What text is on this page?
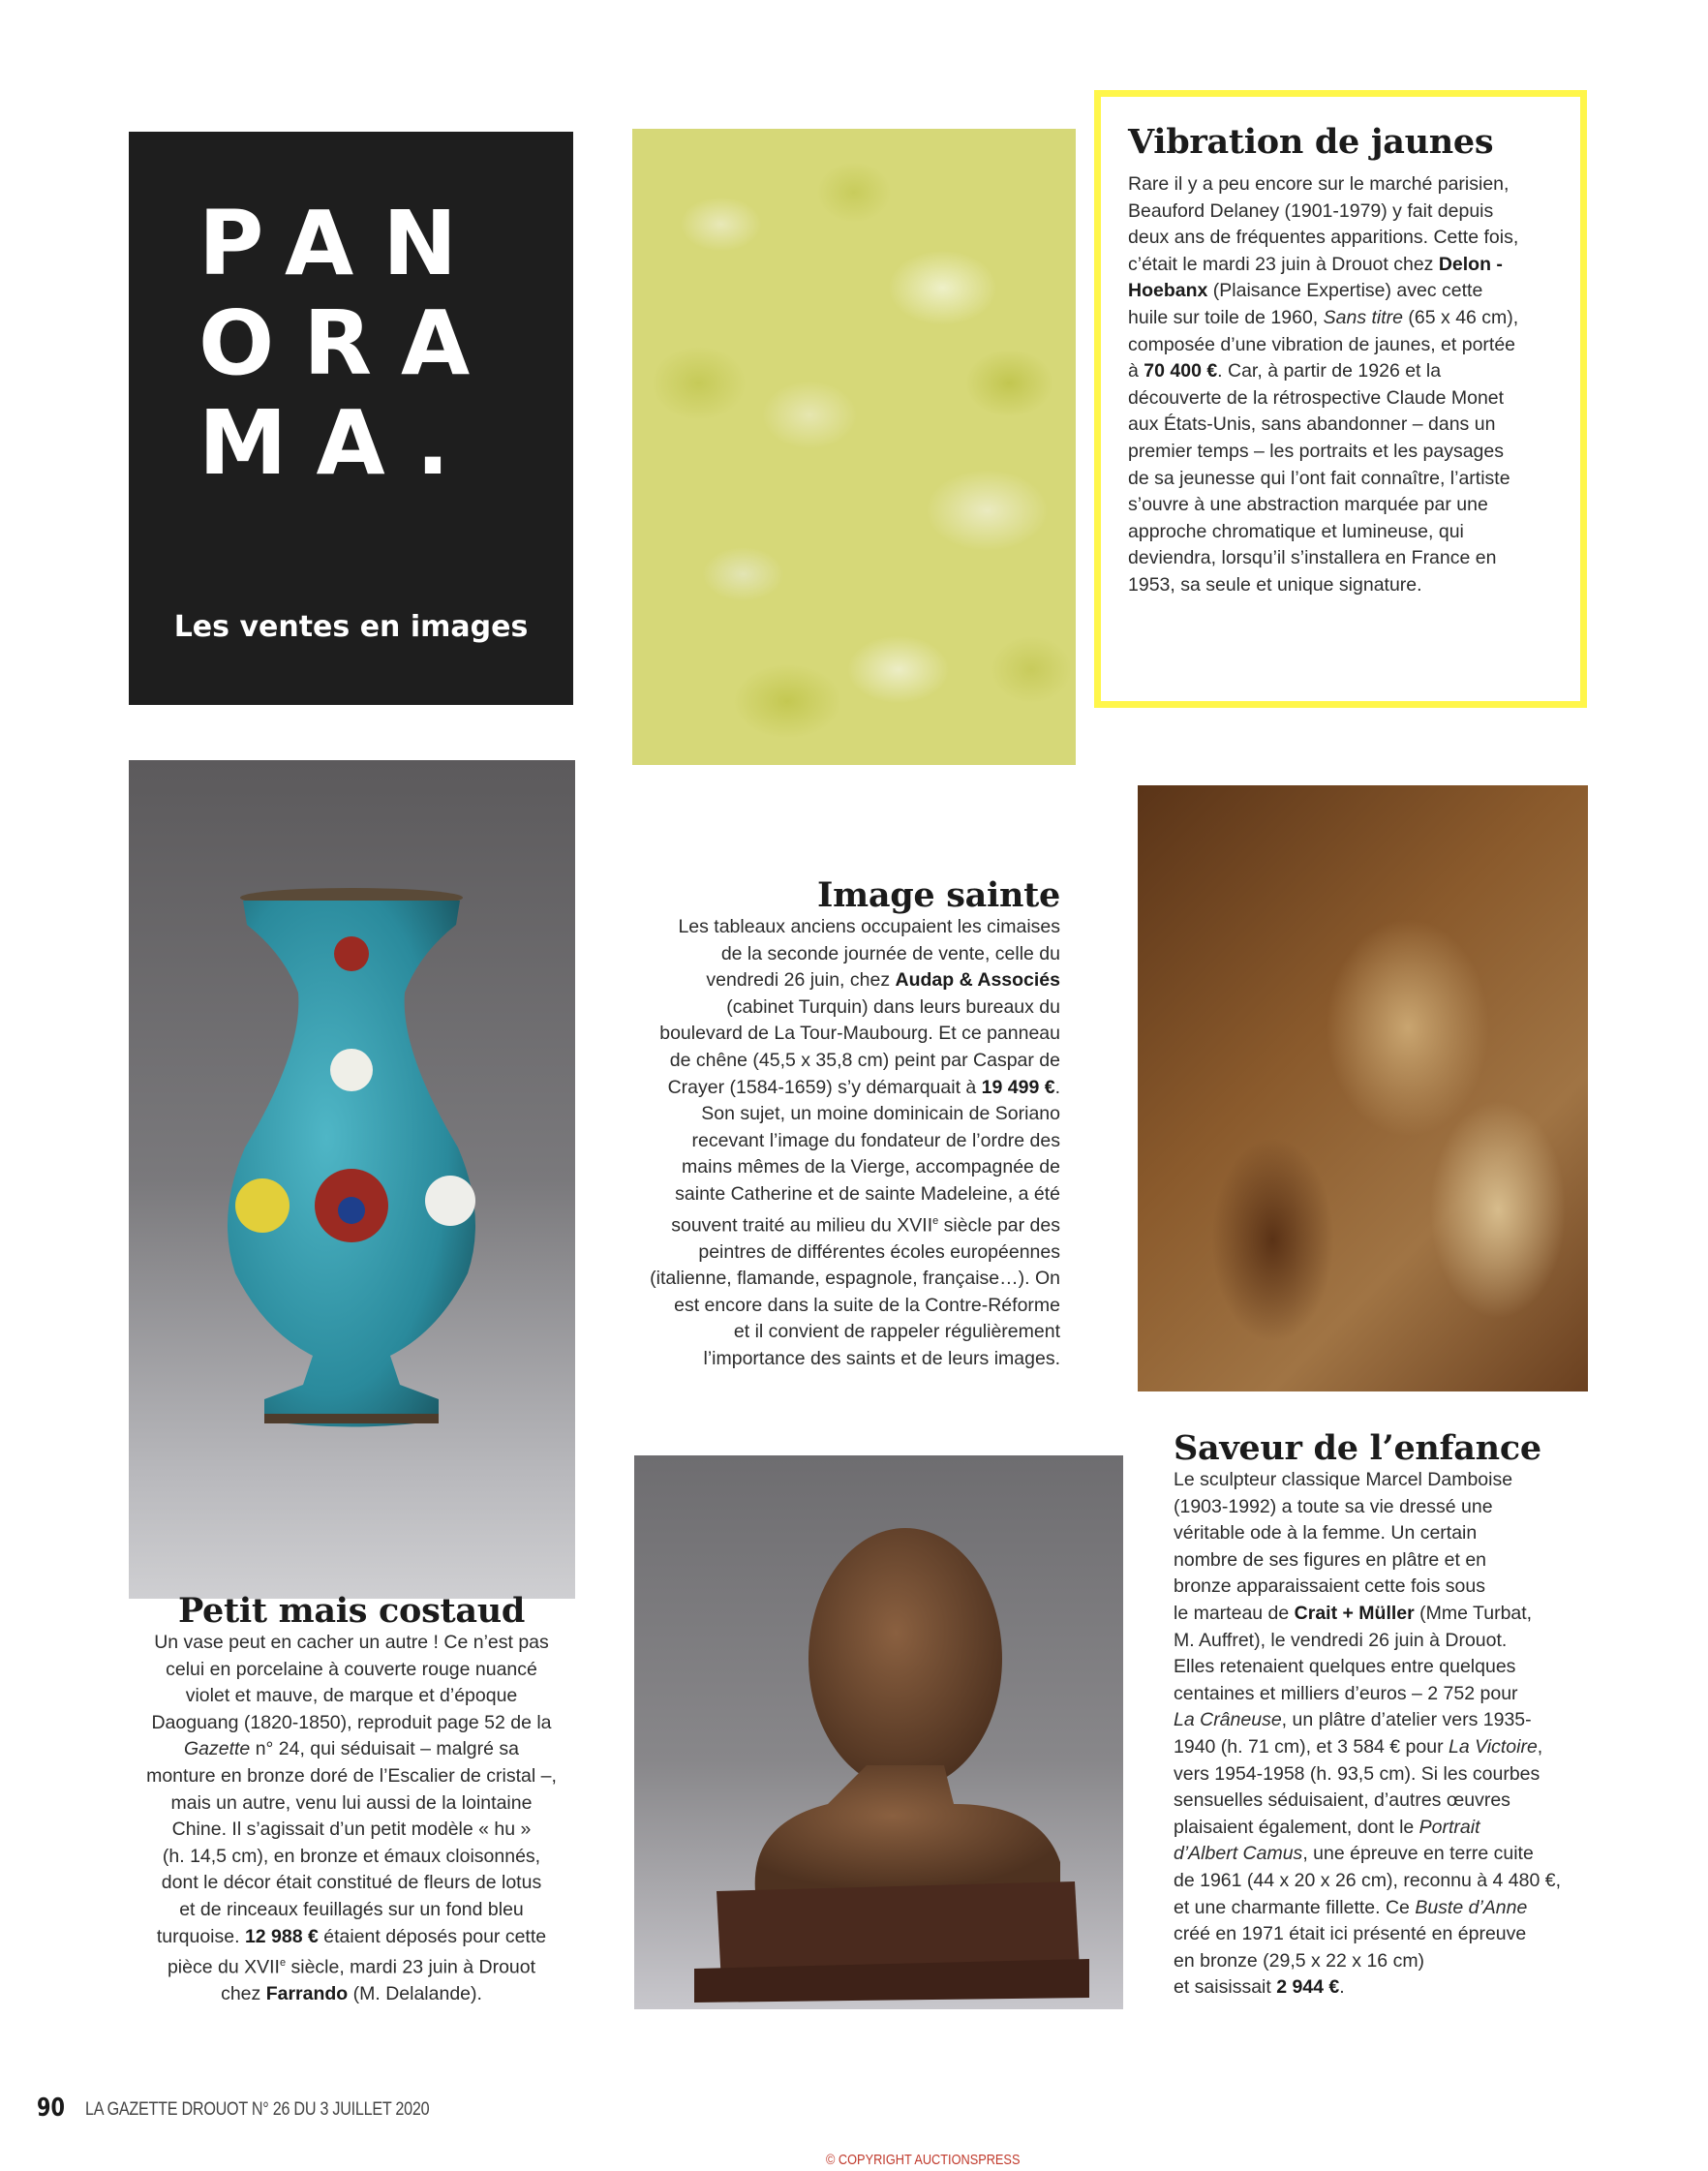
PAN
ORA
MA.
Les ventes en images
Vibration de jaunes

Rare il y a peu encore sur le marché parisien, Beauford Delaney (1901-1979) y fait depuis deux ans de fréquentes apparitions. Cette fois, c’était le mardi 23 juin à Drouot chez Delon - Hoebanx (Plaisance Expertise) avec cette huile sur toile de 1960, Sans titre (65 x 46 cm), composée d’une vibration de jaunes, et portée à 70 400 €. Car, à partir de 1926 et la découverte de la rétrospective Claude Monet aux États-Unis, sans abandonner – dans un premier temps – les portraits et les paysages de sa jeunesse qui l’ont fait connaître, l’artiste s’ouvre à une abstraction marquée par une approche chromatique et lumineuse, qui deviendra, lorsqu’il s’installera en France en 1953, sa seule et unique signature.

Image sainte
Les tableaux anciens occupaient les cimaises
de la seconde journée de vente, celle du
vendredi 26 juin, chez Audap & Associés
(cabinet Turquin) dans leurs bureaux du
boulevard de La Tour-Maubourg. Et ce panneau
de chêne (45,5 x 35,8 cm) peint par Caspar de
Crayer (1584-1659) s’y démarquait à 19 499 €.
Son sujet, un moine dominicain de Soriano
recevant l’image du fondateur de l’ordre des
mains mêmes de la Vierge, accompagnée de
sainte Catherine et de sainte Madeleine, a été
souvent traité au milieu du XVIIe siècle par des
peintres de différentes écoles européennes
(italienne, flamande, espagnole, française…). On
est encore dans la suite de la Contre-Réforme
et il convient de rappeler régulièrement
l’importance des saints et de leurs images.
Petit mais costaud
Un vase peut en cacher un autre ! Ce n’est pas
celui en porcelaine à couverte rouge nuancé
violet et mauve, de marque et d’époque
Daoguang (1820-1850), reproduit page 52 de la
Gazette n° 24, qui séduisait – malgré sa
monture en bronze doré de l’Escalier de cristal –,
mais un autre, venu lui aussi de la lointaine
Chine. Il s’agissait d’un petit modèle « hu »
(h. 14,5 cm), en bronze et émaux cloisonnés,
dont le décor était constitué de fleurs de lotus
et de rinceaux feuillagés sur un fond bleu
turquoise. 12 988 € étaient déposés pour cette
pièce du XVIIe siècle, mardi 23 juin à Drouot
chez Farrando (M. Delalande).
Saveur de l’enfance
Le sculpteur classique Marcel Damboise
(1903-1992) a toute sa vie dressé une
véritable ode à la femme. Un certain
nombre de ses figures en plâtre et en
bronze apparaissaient cette fois sous
le marteau de Crait + Müller (Mme Turbat,
M. Auffret), le vendredi 26 juin à Drouot.
Elles retenaient quelques entre quelques
centaines et milliers d’euros – 2 752 pour
La Crâneuse, un plâtre d’atelier vers 1935-
1940 (h. 71 cm), et 3 584 € pour La Victoire,
vers 1954-1958 (h. 93,5 cm). Si les courbes
sensuelles séduisaient, d’autres œuvres
plaisaient également, dont le Portrait
d’Albert Camus, une épreuve en terre cuite
de 1961 (44 x 20 x 26 cm), reconnu à 4 480 €,
et une charmante fillette. Ce Buste d’Anne
créé en 1971 était ici présenté en épreuve
en bronze (29,5 x 22 x 16 cm)
et saisissait 2 944 €.
90 LA GAZETTE DROUOT N° 26 DU 3 JUILLET 2020
© COPYRIGHT AUCTIONSPRESS
